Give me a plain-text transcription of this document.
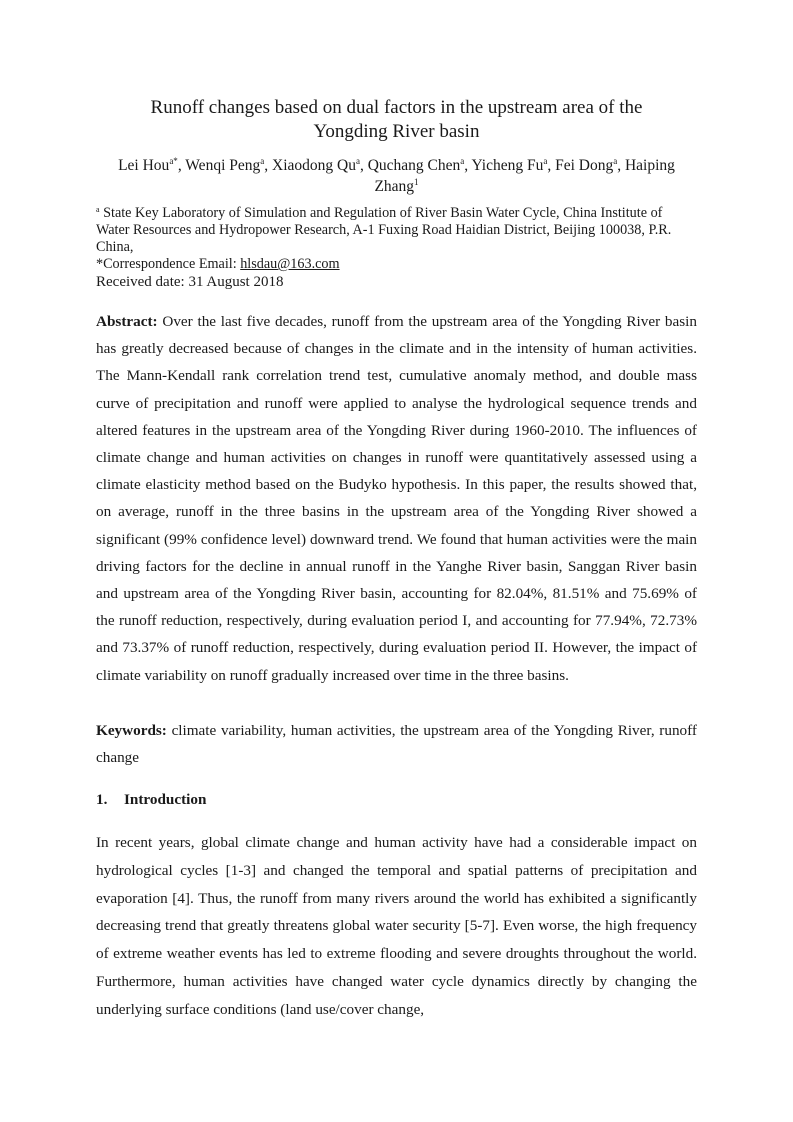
Runoff changes based on dual factors in the upstream area of the
Yongding River basin
Lei Hou$^{a*}$, Wenqi Peng$^a$, Xiaodong Qu$^a$, Quchang Chen$^a$, Yicheng Fu$^a$, Fei Dong$^a$, Haiping Zhang$^1$
$^a$ State Key Laboratory of Simulation and Regulation of River Basin Water Cycle, China Institute of Water Resources and Hydropower Research, A-1 Fuxing Road Haidian District, Beijing 100038, P.R. China,
*Correspondence Email: hlsdau@163.com
Received date: 31 August 2018
Abstract: Over the last five decades, runoff from the upstream area of the Yongding River basin has greatly decreased because of changes in the climate and in the intensity of human activities. The Mann-Kendall rank correlation trend test, cumulative anomaly method, and double mass curve of precipitation and runoff were applied to analyse the hydrological sequence trends and altered features in the upstream area of the Yongding River during 1960-2010. The influences of climate change and human activities on changes in runoff were quantitatively assessed using a climate elasticity method based on the Budyko hypothesis. In this paper, the results showed that, on average, runoff in the three basins in the upstream area of the Yongding River showed a significant (99% confidence level) downward trend. We found that human activities were the main driving factors for the decline in annual runoff in the Yanghe River basin, Sanggan River basin and upstream area of the Yongding River basin, accounting for 82.04%, 81.51% and 75.69% of the runoff reduction, respectively, during evaluation period I, and accounting for 77.94%, 72.73% and 73.37% of runoff reduction, respectively, during evaluation period II. However, the impact of climate variability on runoff gradually increased over time in the three basins.
Keywords: climate variability, human activities, the upstream area of the Yongding River, runoff change
1. Introduction
In recent years, global climate change and human activity have had a considerable impact on hydrological cycles [1-3] and changed the temporal and spatial patterns of precipitation and evaporation [4]. Thus, the runoff from many rivers around the world has exhibited a significantly decreasing trend that greatly threatens global water security [5-7]. Even worse, the high frequency of extreme weather events has led to extreme flooding and severe droughts throughout the world. Furthermore, human activities have changed water cycle dynamics directly by changing the underlying surface conditions (land use/cover change,
